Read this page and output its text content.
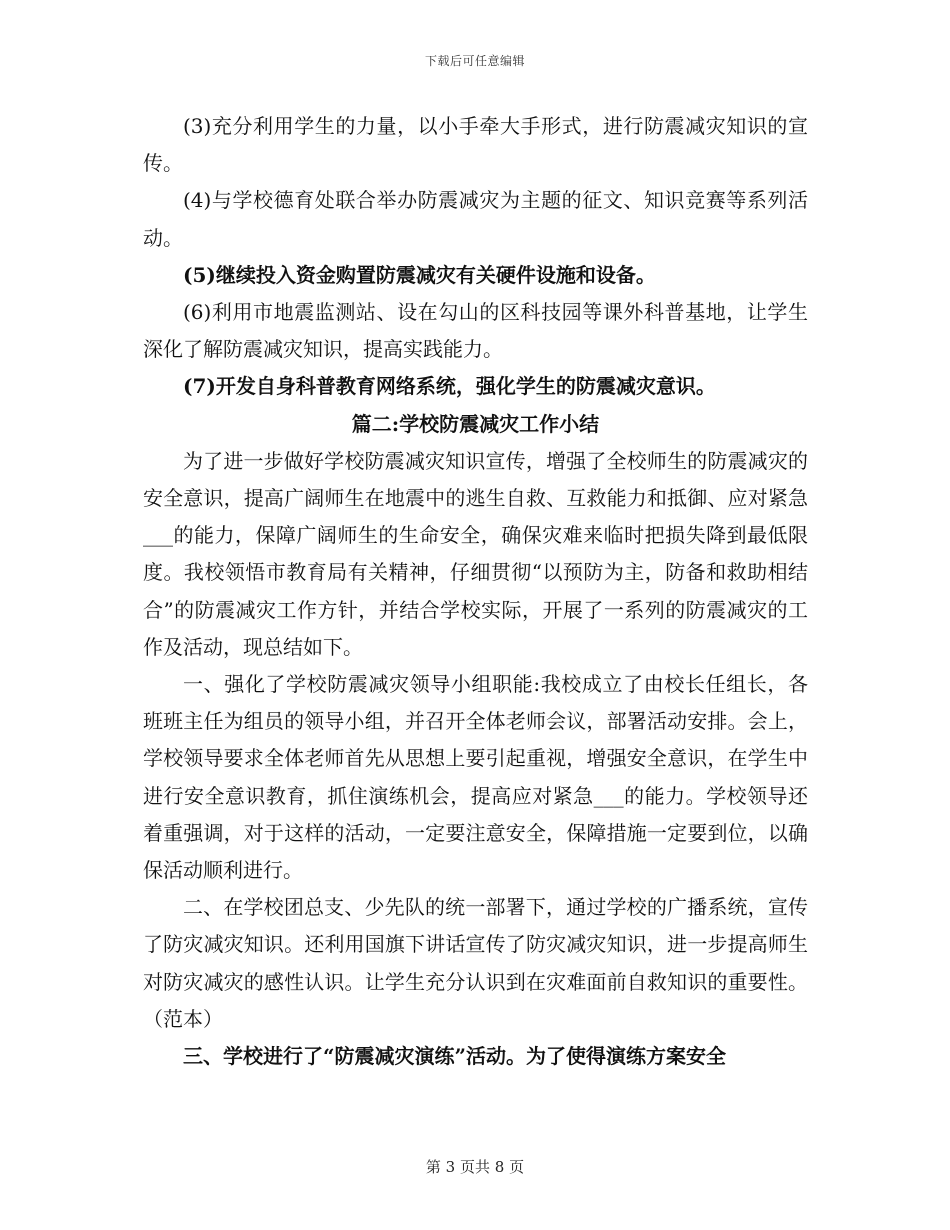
下载后可任意编辑

(3)充分利用学生的力量，以小手牵大手形式，进行防震减灾知识的宣传。

(4)与学校德育处联合举办防震减灾为主题的征文、知识竞赛等系列活动。

(5)继续投入资金购置防震减灾有关硬件设施和设备。

(6)利用市地震监测站、设在勾山的区科技园等课外科普基地，让学生深化了解防震减灾知识，提高实践能力。

(7)开发自身科普教育网络系统，强化学生的防震减灾意识。

篇二:学校防震减灾工作小结

为了进一步做好学校防震减灾知识宣传，增强了全校师生的防震减灾的安全意识，提高广阔师生在地震中的逃生自救、互救能力和抵御、应对紧急___的能力，保障广阔师生的生命安全，确保灾难来临时把损失降到最低限度。我校领悟市教育局有关精神，仔细贯彻“以预防为主，防备和救助相结合”的防震减灾工作方针，并结合学校实际，开展了一系列的防震减灾的工作及活动，现总结如下。

一、强化了学校防震减灾领导小组职能:我校成立了由校长任组长，各班班主任为组员的领导小组，并召开全体老师会议，部署活动安排。会上，学校领导要求全体老师首先从思想上要引起重视，增强安全意识，在学生中进行安全意识教育，抓住演练机会，提高应对紧急___的能力。学校领导还着重强调，对于这样的活动，一定要注意安全，保障措施一定要到位，以确保活动顺利进行。

二、在学校团总支、少先队的统一部署下，通过学校的广播系统，宣传了防灾减灾知识。还利用国旗下讲话宣传了防灾减灾知识，进一步提高师生对防灾减灾的感性认识。让学生充分认识到在灾难面前自救知识的重要性。（范本）

三、学校进行了“防震减灾演练”活动。为了使得演练方案安全

第 3 页共 8 页
